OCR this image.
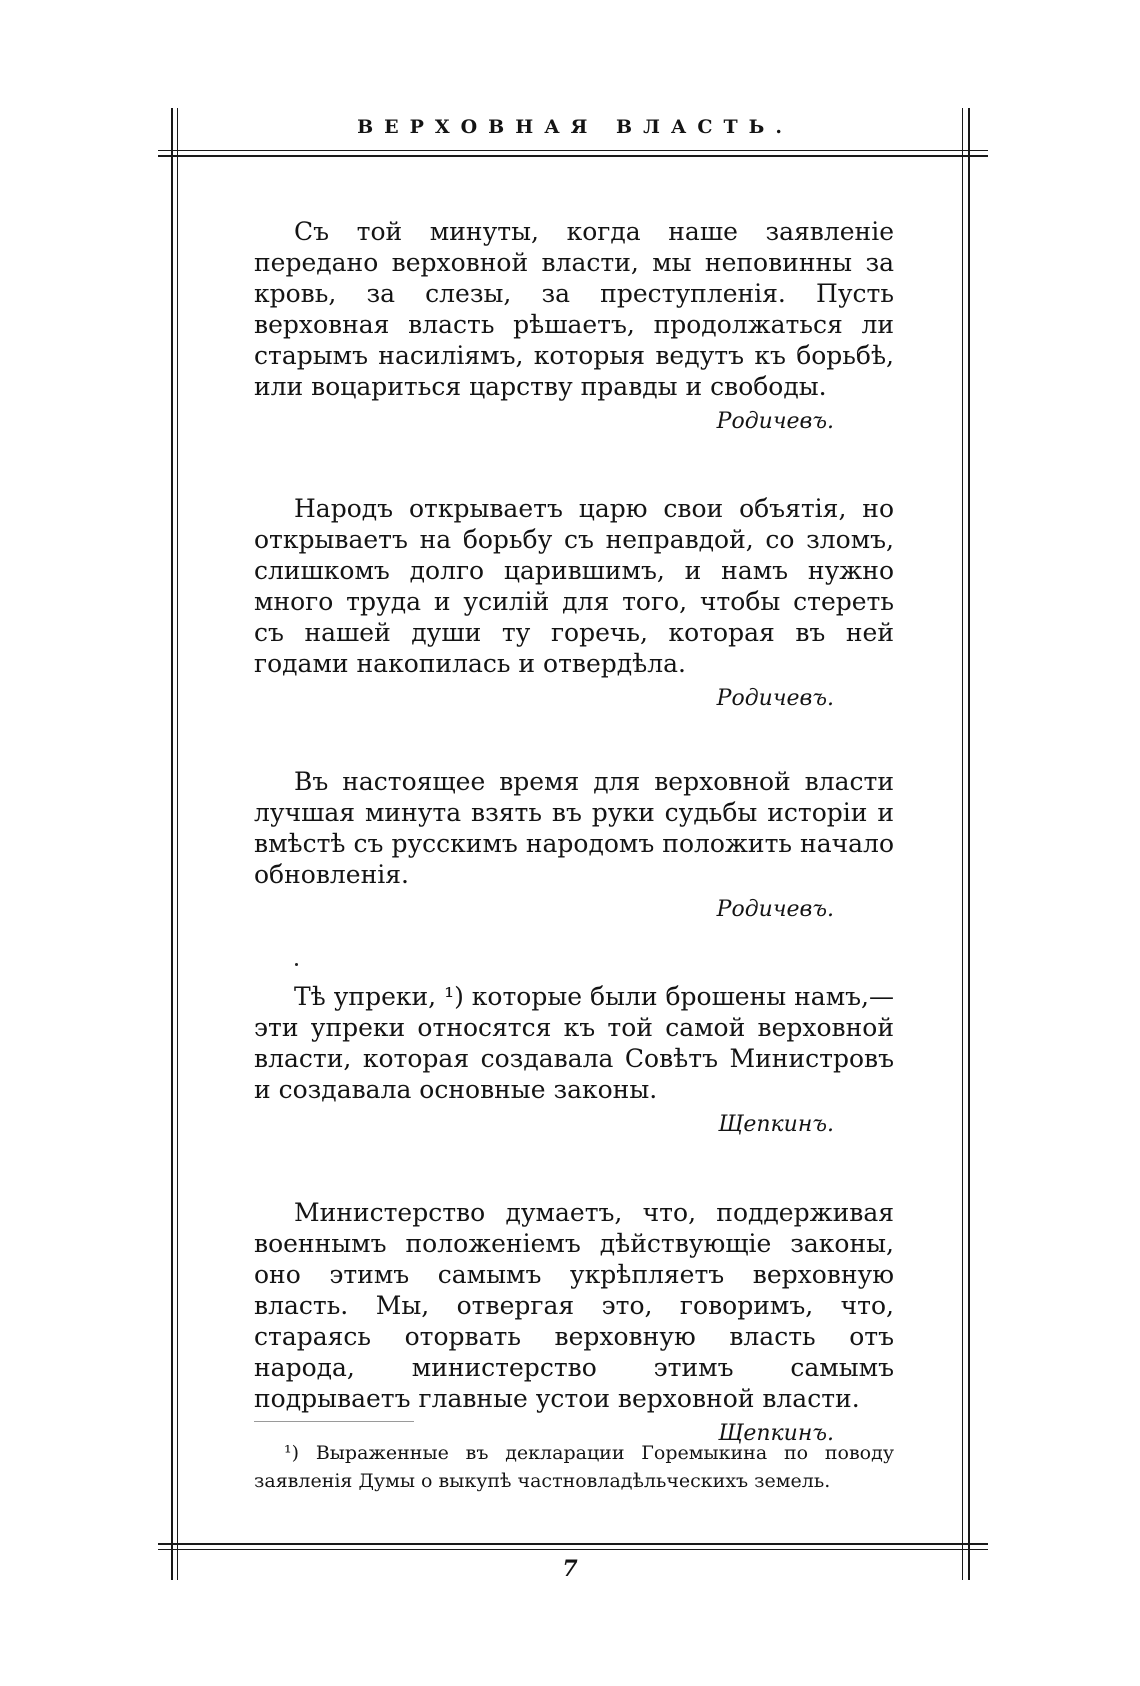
ВЕРХОВНАЯ ВЛАСТЬ.

Съ той минуты, когда наше заявленіе передано верховной власти, мы неповинны за кровь, за слезы, за преступленія. Пусть верховная власть рѣшаетъ, продолжаться ли старымъ насиліямъ, которыя ведутъ къ борьбѣ, или воцариться царству правды и свободы.

Родичевъ.

Народъ открываетъ царю свои объятія, но открываетъ на борьбу съ неправдой, со зломъ, слишкомъ долго царившимъ, и намъ нужно много труда и усилій для того, чтобы стереть съ нашей души ту горечь, которая въ ней годами накопилась и отвердѣла.

Родичевъ.

Въ настоящее время для верховной власти лучшая минута взять въ руки судьбы исторіи и вмѣстѣ съ русскимъ народомъ положить начало обновленія.

Родичевъ.

Тѣ упреки, ¹) которые были брошены намъ,— эти упреки относятся къ той самой верховной власти, которая создавала Совѣтъ Министровъ и создавала основные законы.

Щепкинъ.

Министерство думаетъ, что, поддерживая военнымъ положеніемъ дѣйствующіе законы, оно этимъ самымъ укрѣпляетъ верховную власть. Мы, отвергая это, говоримъ, что, стараясь оторвать верховную власть отъ народа, министерство этимъ самымъ подрываетъ главные устои верховной власти.

Щепкинъ.

¹) Выраженные въ декларации Горемыкина по поводу заявленія Думы о выкупѣ частновладѣльческихъ земель.

7
